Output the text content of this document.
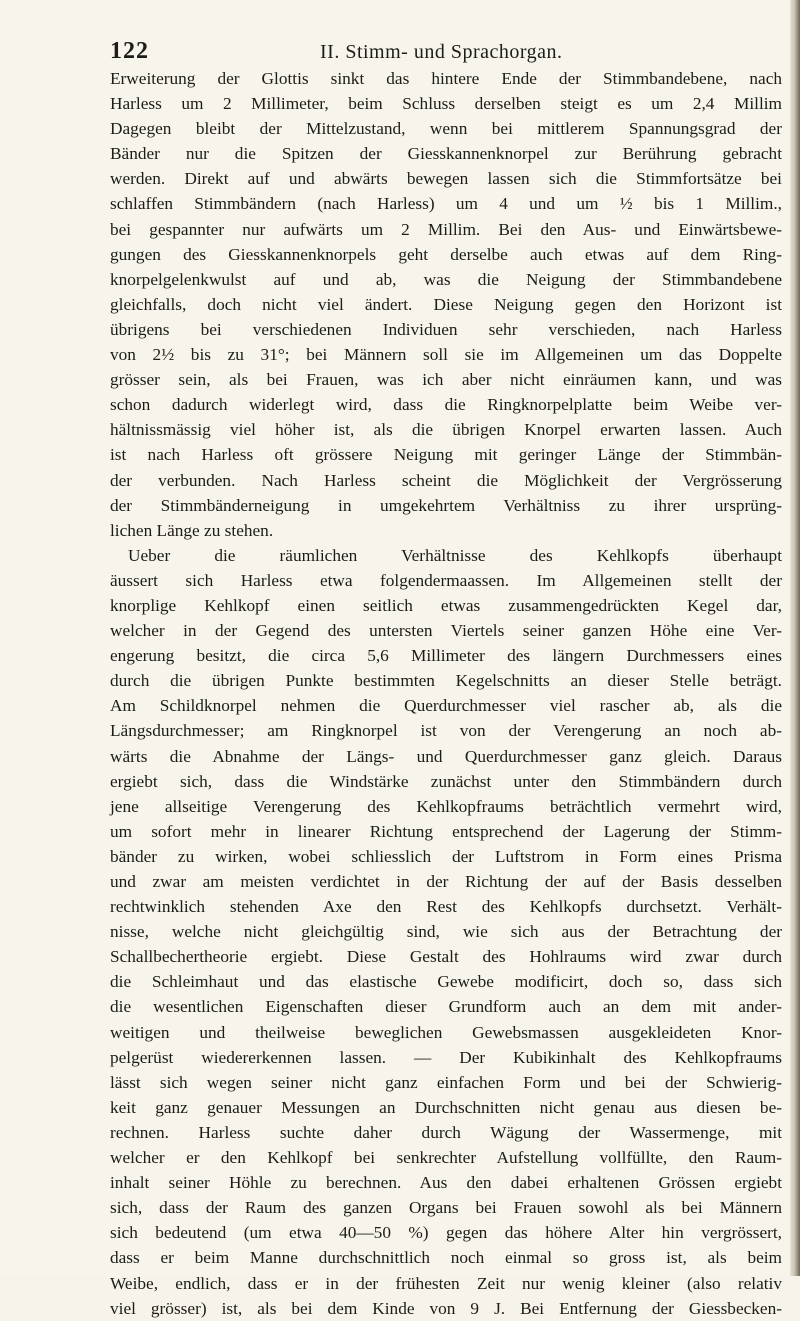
122	II. Stimm- und Sprachorgan.
Erweiterung der Glottis sinkt das hintere Ende der Stimmbandebene, nach
Harless um 2 Millimeter, beim Schluss derselben steigt es um 2,4 Millim
Dagegen bleibt der Mittelzustand, wenn bei mittlerem Spannungsgrad der
Bänder nur die Spitzen der Giesskannenknorpel zur Berührung gebracht
werden. Direkt auf und abwärts bewegen lassen sich die Stimmfortsätze bei
schlaffen Stimmbändern (nach Harless) um 4 und um ½ bis 1 Millim.,
bei gespannter nur aufwärts um 2 Millim. Bei den Aus- und Einwärtsbewe-
gungen des Giesskannenknorpels geht derselbe auch etwas auf dem Ring-
knorpelgelenkwulst auf und ab, was die Neigung der Stimmbandebene
gleichfalls, doch nicht viel ändert. Diese Neigung gegen den Horizont ist
übrigens bei verschiedenen Individuen sehr verschieden, nach Harless
von 2½ bis zu 31°; bei Männern soll sie im Allgemeinen um das Doppelte
grösser sein, als bei Frauen, was ich aber nicht einräumen kann, und was
schon dadurch widerlegt wird, dass die Ringknorpelplatte beim Weibe ver-
hältnissmässig viel höher ist, als die übrigen Knorpel erwarten lassen. Auch
ist nach Harless oft grössere Neigung mit geringer Länge der Stimmbän-
der verbunden. Nach Harless scheint die Möglichkeit der Vergrösserung
der Stimmbänderneigung in umgekehrtem Verhältniss zu ihrer ursprüng-
lichen Länge zu stehen.
Ueber die räumlichen Verhältnisse des Kehlkopfs überhaupt
äussert sich Harless etwa folgendermaassen. Im Allgemeinen stellt der
knorplige Kehlkopf einen seitlich etwas zusammengedrückten Kegel dar,
welcher in der Gegend des untersten Viertels seiner ganzen Höhe eine Ver-
engerung besitzt, die circa 5,6 Millimeter des längern Durchmessers eines
durch die übrigen Punkte bestimmten Kegelschnitts an dieser Stelle beträgt.
Am Schildknorpel nehmen die Querdurchmesser viel rascher ab, als die
Längsdurchmesser; am Ringknorpel ist von der Verengerung an noch ab-
wärts die Abnahme der Längs- und Querdurchmesser ganz gleich. Daraus
ergiebt sich, dass die Windstärke zunächst unter den Stimmbändern durch
jene allseitige Verengerung des Kehlkopfraums beträchtlich vermehrt wird,
um sofort mehr in linearer Richtung entsprechend der Lagerung der Stimm-
bänder zu wirken, wobei schliesslich der Luftstrom in Form eines Prisma
und zwar am meisten verdichtet in der Richtung der auf der Basis desselben
rechtwinklich stehenden Axe den Rest des Kehlkopfs durchsetzt. Verhält-
nisse, welche nicht gleichgültig sind, wie sich aus der Betrachtung der
Schallbechertheorie ergiebt. Diese Gestalt des Hohlraums wird zwar durch
die Schleimhaut und das elastische Gewebe modificirt, doch so, dass sich
die wesentlichen Eigenschaften dieser Grundform auch an dem mit ander-
weitigen und theilweise beweglichen Gewebsmassen ausgekleideten Knor-
pelgerüst wiedererkennen lassen. — Der Kubikinhalt des Kehlkopfraums
lässt sich wegen seiner nicht ganz einfachen Form und bei der Schwierig-
keit ganz genauer Messungen an Durchschnitten nicht genau aus diesen be-
rechnen. Harless suchte daher durch Wägung der Wassermenge, mit
welcher er den Kehlkopf bei senkrechter Aufstellung vollfüllte, den Raum-
inhalt seiner Höhle zu berechnen. Aus den dabei erhaltenen Grössen ergiebt
sich, dass der Raum des ganzen Organs bei Frauen sowohl als bei Männern
sich bedeutend (um etwa 40—50 %) gegen das höhere Alter hin vergrössert,
dass er beim Manne durchschnittlich noch einmal so gross ist, als beim
Weibe, endlich, dass er in der frühesten Zeit nur wenig kleiner (also relativ
viel grösser) ist, als bei dem Kinde von 9 J. Bei Entfernung der Giessbecken-
